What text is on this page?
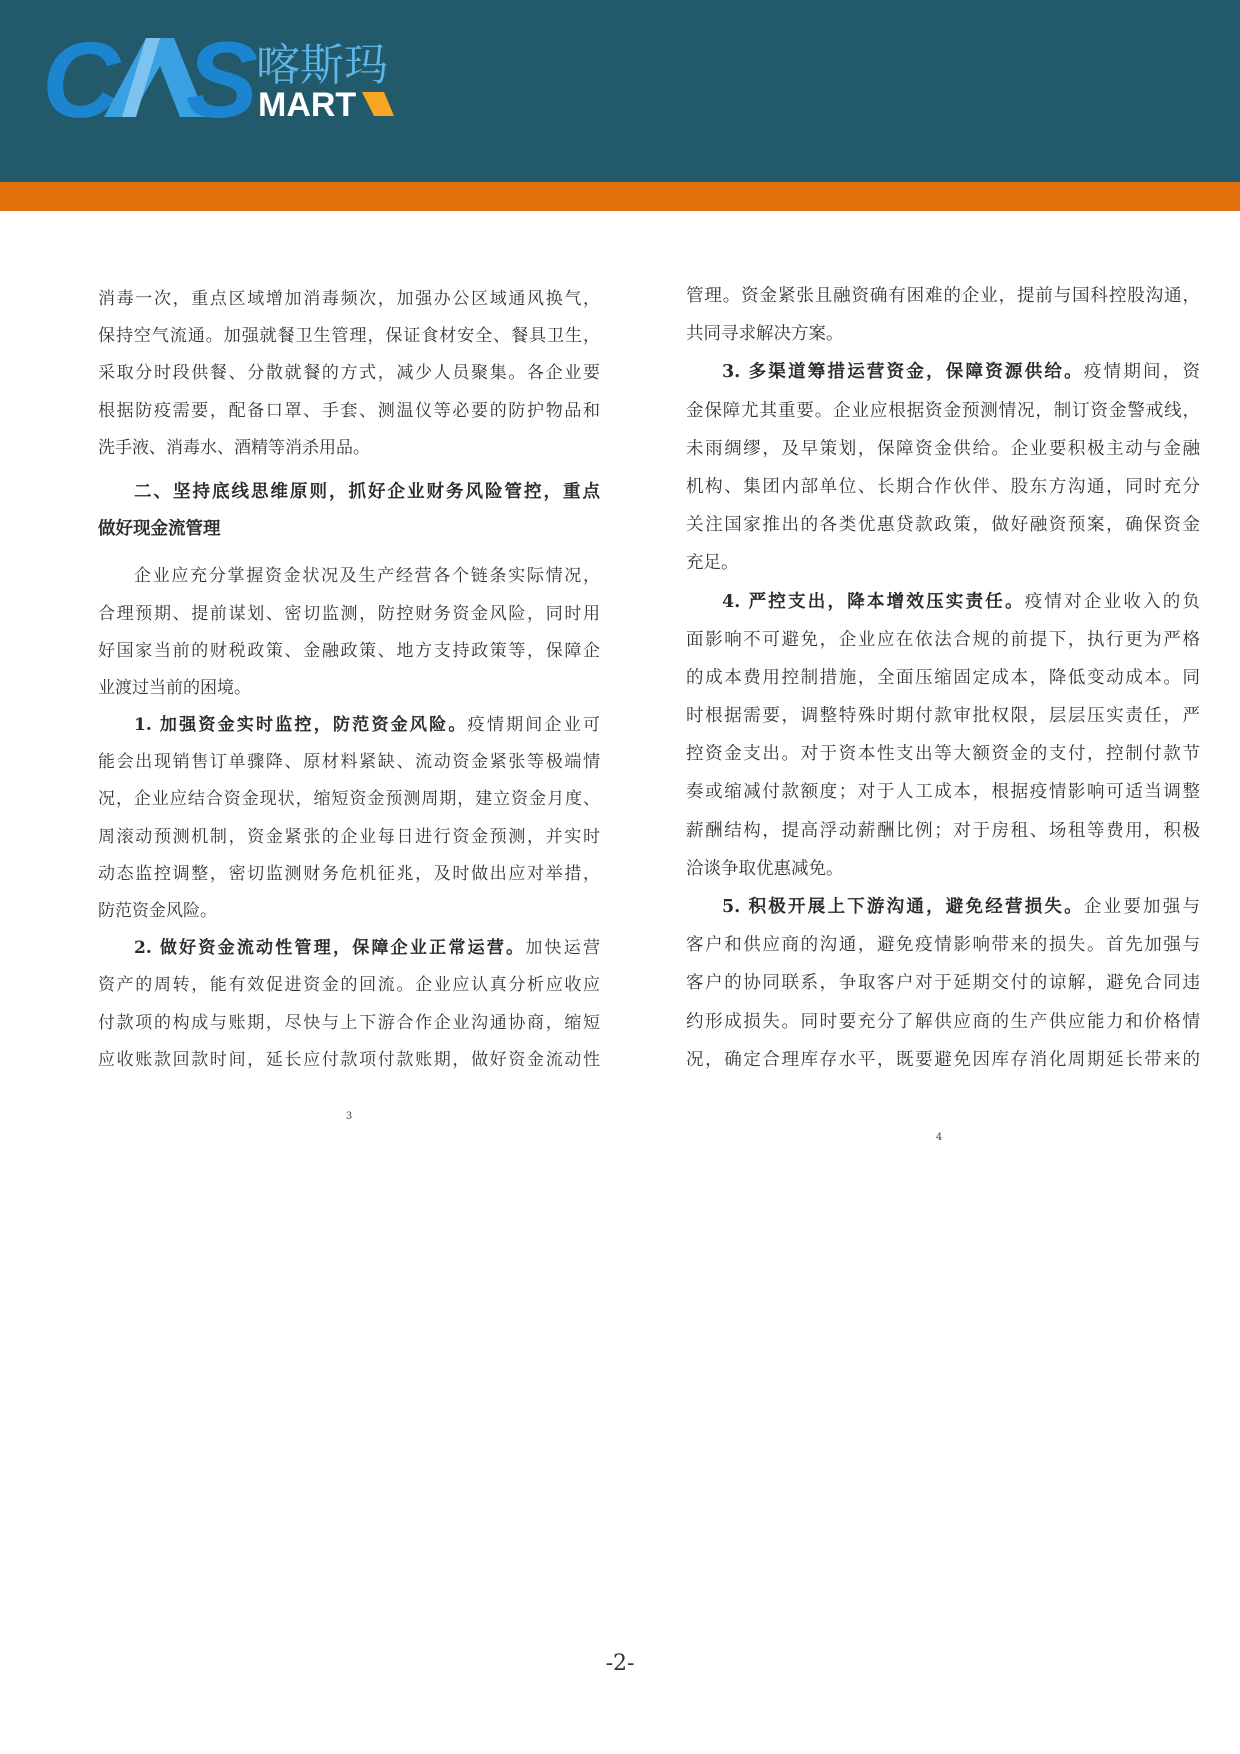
C S
喀斯玛
MART
消毒一次，重点区域增加消毒频次，加强办公区域通风换气，
保持空气流通。加强就餐卫生管理，保证食材安全、餐具卫生，
采取分时段供餐、分散就餐的方式，减少人员聚集。各企业要
根据防疫需要，配备口罩、手套、测温仪等必要的防护物品和
洗手液、消毒水、酒精等消杀用品。
二、坚持底线思维原则，抓好企业财务风险管控，重点
做好现金流管理
企业应充分掌握资金状况及生产经营各个链条实际情况，
合理预期、提前谋划、密切监测，防控财务资金风险，同时用
好国家当前的财税政策、金融政策、地方支持政策等，保障企
业渡过当前的困境。
1. 加强资金实时监控，防范资金风险。疫情期间企业可
能会出现销售订单骤降、原材料紧缺、流动资金紧张等极端情
况，企业应结合资金现状，缩短资金预测周期，建立资金月度、
周滚动预测机制，资金紧张的企业每日进行资金预测，并实时
动态监控调整，密切监测财务危机征兆，及时做出应对举措，
防范资金风险。
2. 做好资金流动性管理，保障企业正常运营。加快运营
资产的周转，能有效促进资金的回流。企业应认真分析应收应
付款项的构成与账期，尽快与上下游合作企业沟通协商，缩短
应收账款回款时间，延长应付款项付款账期，做好资金流动性
3
管理。资金紧张且融资确有困难的企业，提前与国科控股沟通，
共同寻求解决方案。
3. 多渠道筹措运营资金，保障资源供给。疫情期间，资
金保障尤其重要。企业应根据资金预测情况，制订资金警戒线，
未雨绸缪，及早策划，保障资金供给。企业要积极主动与金融
机构、集团内部单位、长期合作伙伴、股东方沟通，同时充分
关注国家推出的各类优惠贷款政策，做好融资预案，确保资金
充足。
4. 严控支出，降本增效压实责任。疫情对企业收入的负
面影响不可避免，企业应在依法合规的前提下，执行更为严格
的成本费用控制措施，全面压缩固定成本，降低变动成本。同
时根据需要，调整特殊时期付款审批权限，层层压实责任，严
控资金支出。对于资本性支出等大额资金的支付，控制付款节
奏或缩减付款额度；对于人工成本，根据疫情影响可适当调整
薪酬结构，提高浮动薪酬比例；对于房租、场租等费用，积极
洽谈争取优惠减免。
5. 积极开展上下游沟通，避免经营损失。企业要加强与
客户和供应商的沟通，避免疫情影响带来的损失。首先加强与
客户的协同联系，争取客户对于延期交付的谅解，避免合同违
约形成损失。同时要充分了解供应商的生产供应能力和价格情
况，确定合理库存水平，既要避免因库存消化周期延长带来的
4
-2-
